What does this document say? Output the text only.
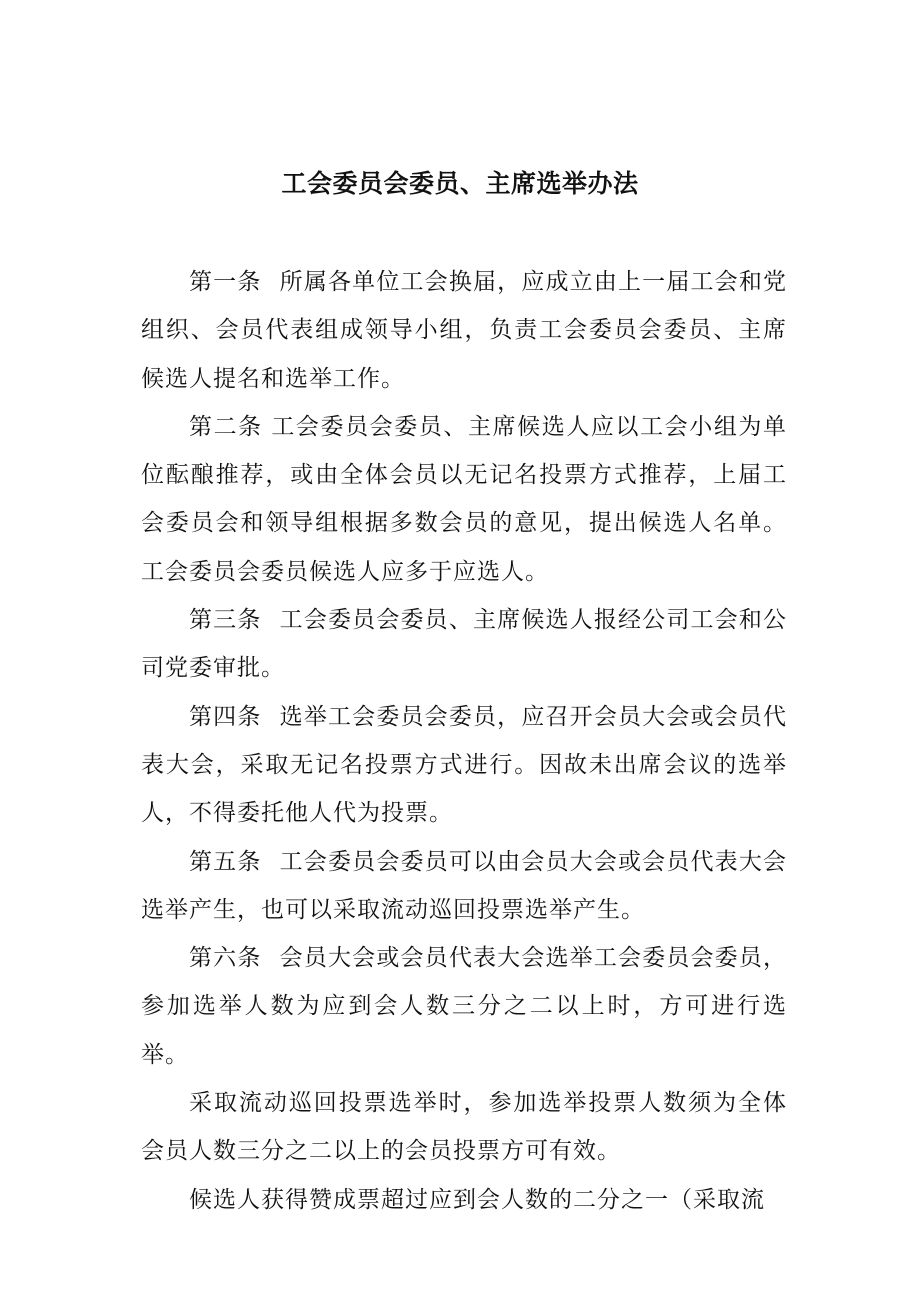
工会委员会委员、主席选举办法

第一条 所属各单位工会换届，应成立由上一届工会和党组织、会员代表组成领导小组，负责工会委员会委员、主席候选人提名和选举工作。

第二条 工会委员会委员、主席候选人应以工会小组为单位酝酿推荐，或由全体会员以无记名投票方式推荐，上届工会委员会和领导组根据多数会员的意见，提出候选人名单。工会委员会委员候选人应多于应选人。

第三条 工会委员会委员、主席候选人报经公司工会和公司党委审批。

第四条 选举工会委员会委员，应召开会员大会或会员代表大会，采取无记名投票方式进行。因故未出席会议的选举人，不得委托他人代为投票。

第五条 工会委员会委员可以由会员大会或会员代表大会选举产生，也可以采取流动巡回投票选举产生。

第六条 会员大会或会员代表大会选举工会委员会委员，参加选举人数为应到会人数三分之二以上时，方可进行选举。

采取流动巡回投票选举时，参加选举投票人数须为全体会员人数三分之二以上的会员投票方可有效。

候选人获得赞成票超过应到会人数的二分之一（采取流
